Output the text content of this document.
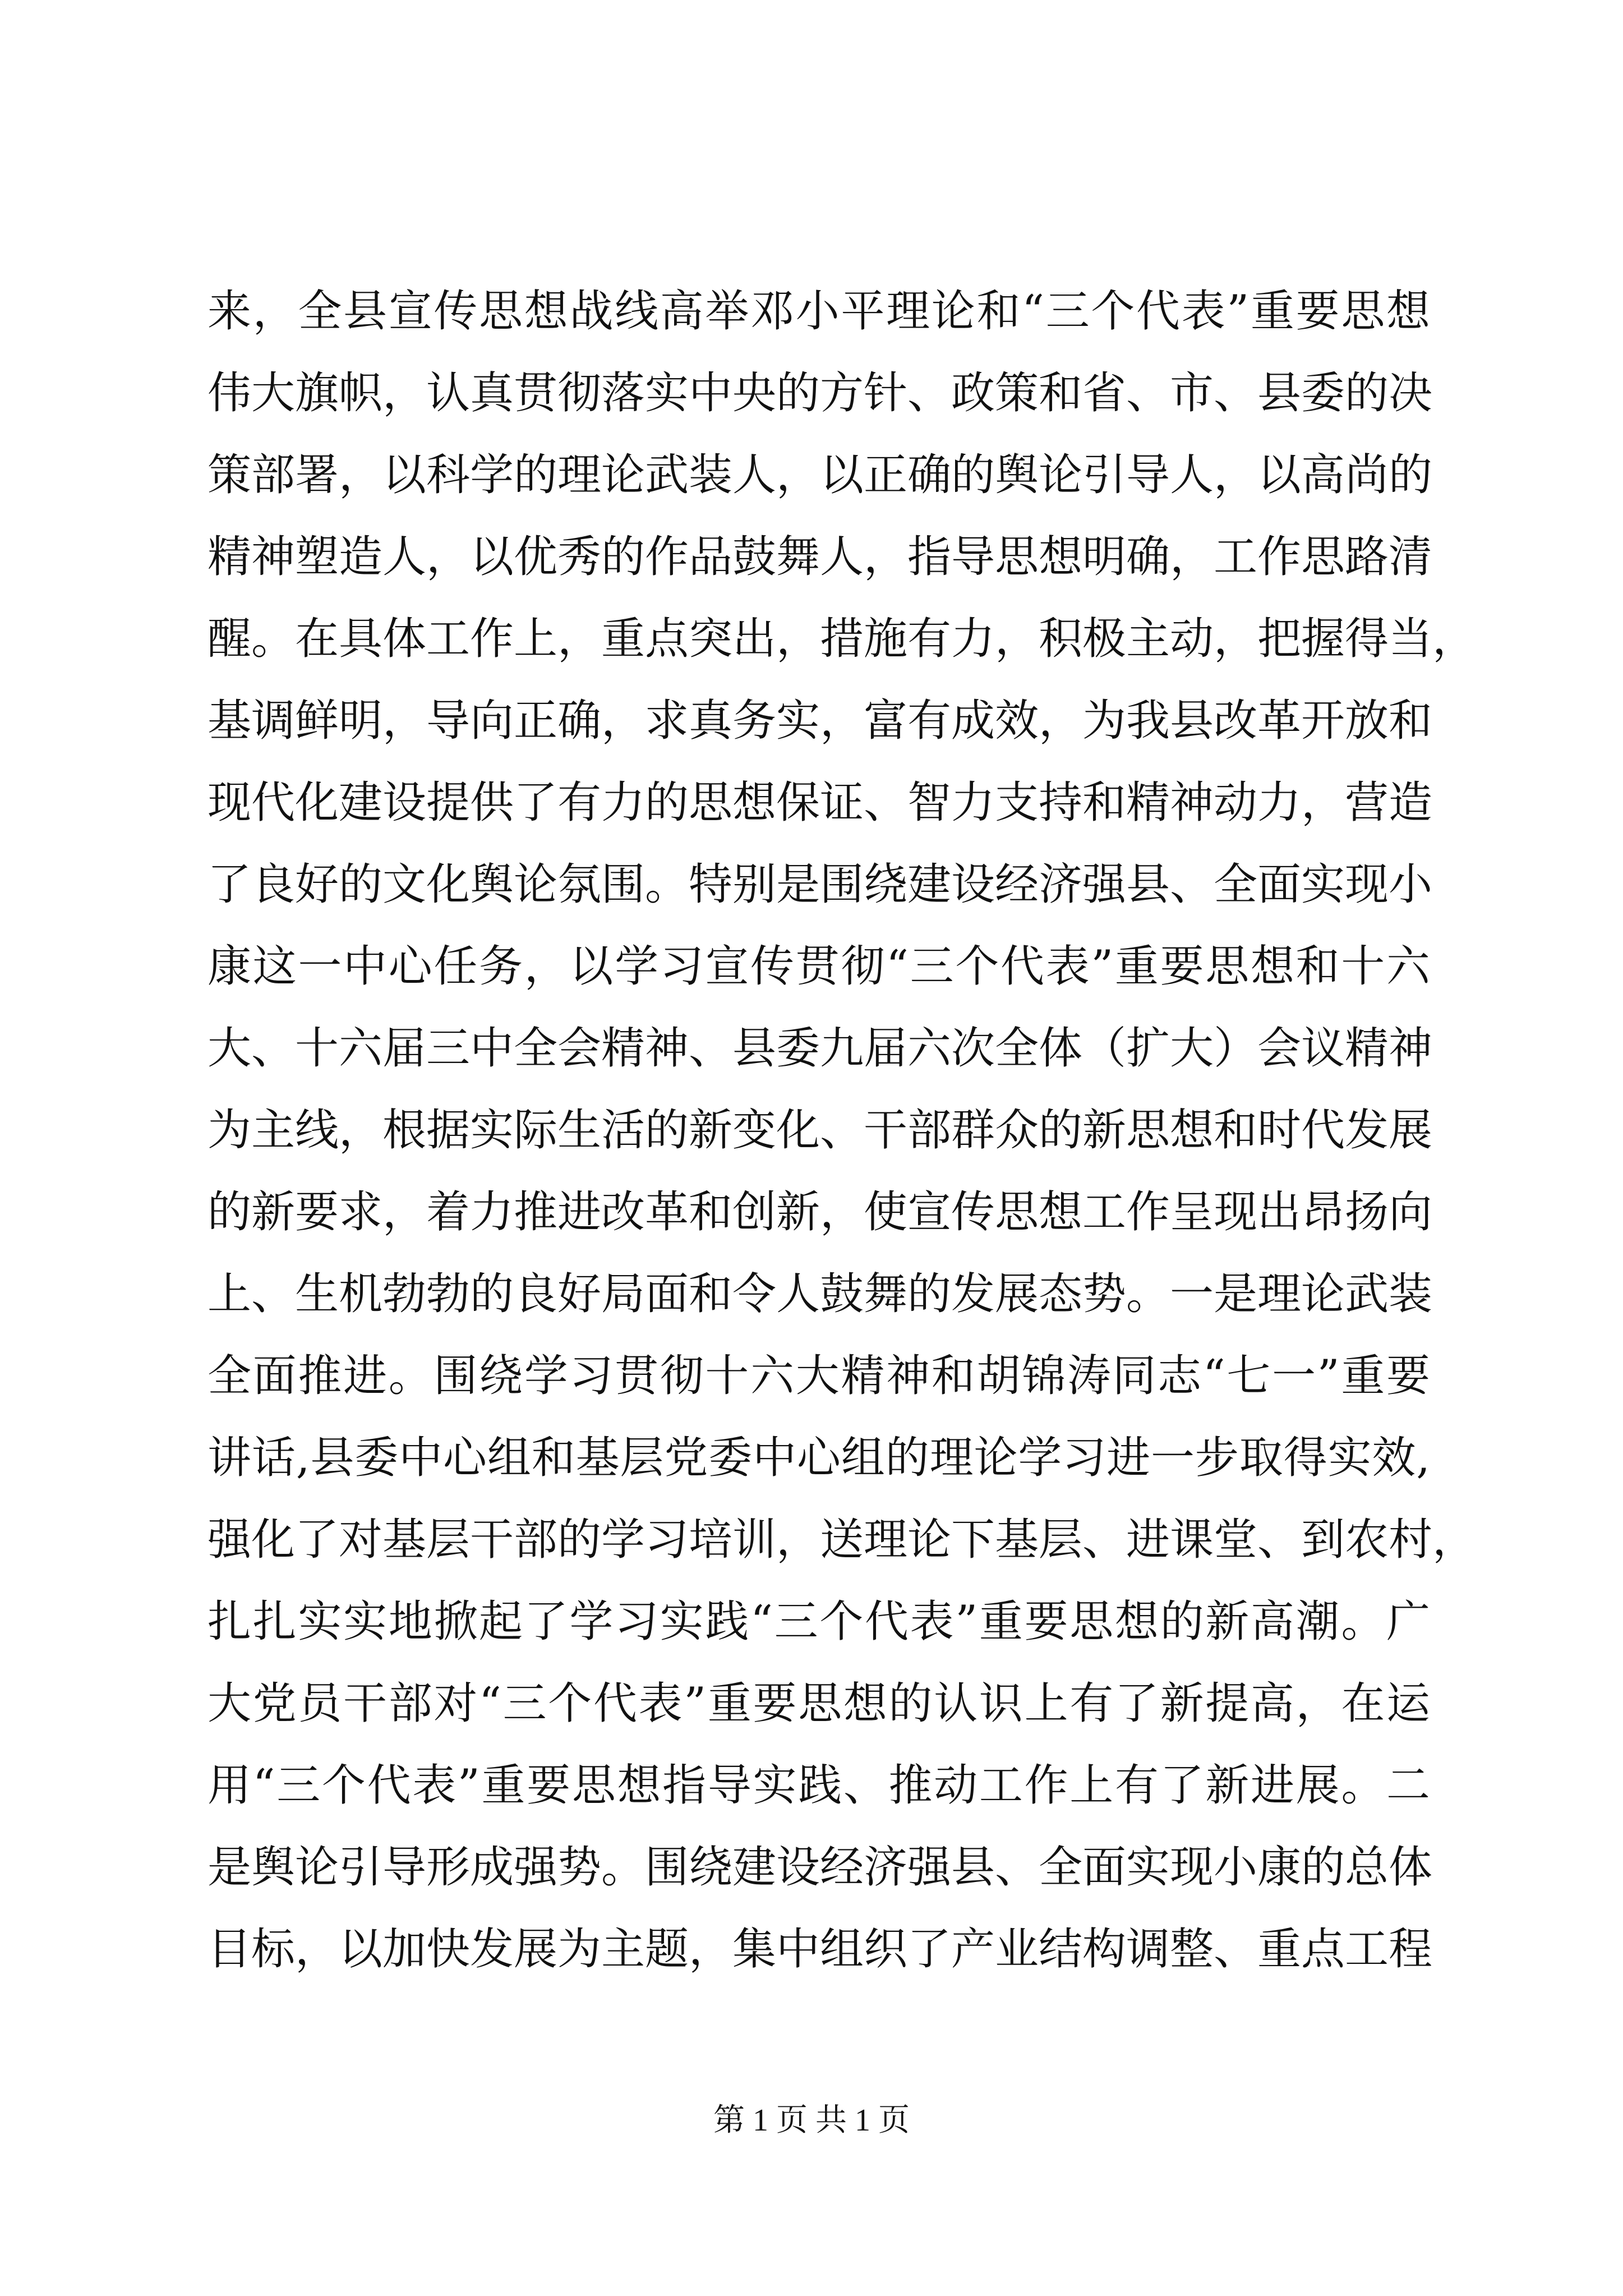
来，全县宣传思想战线高举邓小平理论和“三个代表”重要思想
伟大旗帜，认真贯彻落实中央的方针、政策和省、市、县委的决
策部署，以科学的理论武装人，以正确的舆论引导人，以高尚的
精神塑造人，以优秀的作品鼓舞人，指导思想明确，工作思路清
醒。在具体工作上，重点突出，措施有力，积极主动，把握得当，
基调鲜明，导向正确，求真务实，富有成效，为我县改革开放和
现代化建设提供了有力的思想保证、智力支持和精神动力，营造
了良好的文化舆论氛围。特别是围绕建设经济强县、全面实现小
康这一中心任务，以学习宣传贯彻“三个代表”重要思想和十六
大、十六届三中全会精神、县委九届六次全体（扩大）会议精神
为主线，根据实际生活的新变化、干部群众的新思想和时代发展
的新要求，着力推进改革和创新，使宣传思想工作呈现出昂扬向
上、生机勃勃的良好局面和令人鼓舞的发展态势。一是理论武装
全面推进。围绕学习贯彻十六大精神和胡锦涛同志“七一”重要
讲话,县委中心组和基层党委中心组的理论学习进一步取得实效,
强化了对基层干部的学习培训，送理论下基层、进课堂、到农村，
扎扎实实地掀起了学习实践“三个代表”重要思想的新高潮。广
大党员干部对“三个代表”重要思想的认识上有了新提高，在运
用“三个代表”重要思想指导实践、推动工作上有了新进展。二
是舆论引导形成强势。围绕建设经济强县、全面实现小康的总体
目标，以加快发展为主题，集中组织了产业结构调整、重点工程
第 1 页 共 1 页
